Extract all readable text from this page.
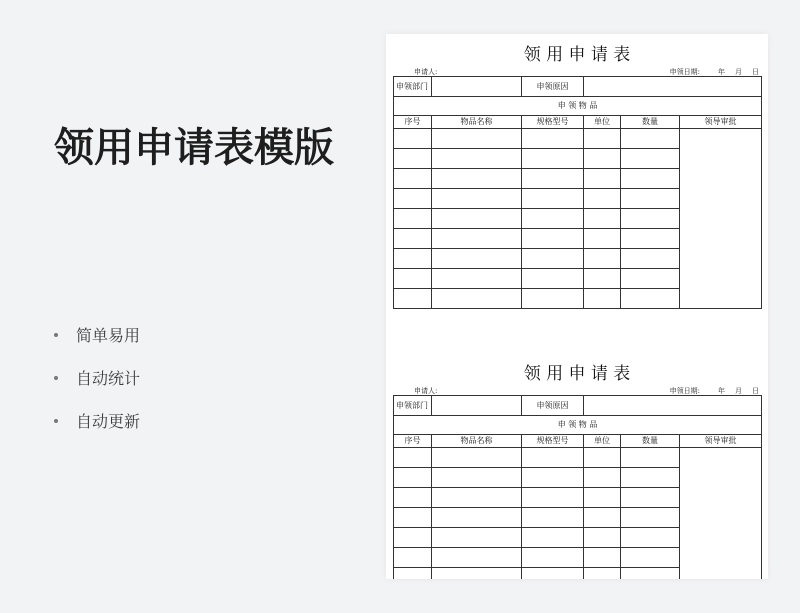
领用申请表模版
简单易用
自动统计
自动更新
领 用 申 请 表
申请人:	申领日期:	年 月 日
申领部门		申领原因			
申 领 物 品					
序号	物品名称	规格型号	单位	数量	领导审批

领 用 申 请 表
申请人:	申领日期:	年 月 日
申领部门		申领原因			
申 领 物 品					
序号	物品名称	规格型号	单位	数量	领导审批
